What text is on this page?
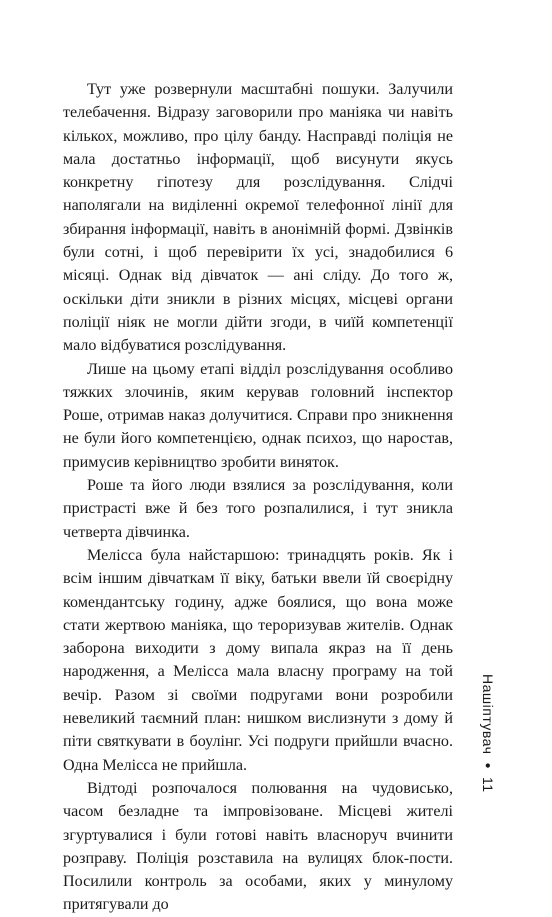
Тут уже розвернули масштабні пошуки. Залучили телебачення. Відразу заговорили про маніяка чи навіть кількох, можливо, про цілу банду. Насправді поліція не мала достатньо інформації, щоб висунути якусь конкретну гіпотезу для розслідування. Слідчі наполягали на виділенні окремої телефонної лінії для збирання інформації, навіть в анонімній формі. Дзвінків були сотні, і щоб перевірити їх усі, знадобилися 6 місяці. Однак від дівчаток — ані сліду. До того ж, оскільки діти зникли в різних місцях, місцеві органи поліції ніяк не могли дійти згоди, в чиїй компетенції мало відбуватися розслідування.

Лише на цьому етапі відділ розслідування особливо тяжких злочинів, яким керував головний інспектор Роше, отримав наказ долучитися. Справи про зникнення не були його компетенцією, однак психоз, що наростав, примусив керівництво зробити виняток.

Роше та його люди взялися за розслідування, коли пристрасті вже й без того розпалилися, і тут зникла четверта дівчинка.

Мелісса була найстаршою: тринадцять років. Як і всім іншим дівчаткам її віку, батьки ввели їй своєрідну комендантську годину, адже боялися, що вона може стати жертвою маніяка, що тероризував жителів. Однак заборона виходити з дому випала якраз на її день народження, а Мелісса мала власну програму на той вечір. Разом зі своїми подругами вони розробили невеликий таємний план: нишком вислизнути з дому й піти святкувати в боулінг. Усі подруги прийшли вчасно. Одна Мелісса не прийшла.

Відтоді розпочалося полювання на чудовисько, часом безладне та імпровізоване. Місцеві жителі згуртувалися і були готові навіть власноруч вчинити розправу. Поліція розставила на вулицях блок-пости. Посилили контроль за особами, яких у минулому притягували до

Нашіптувач
●
11
